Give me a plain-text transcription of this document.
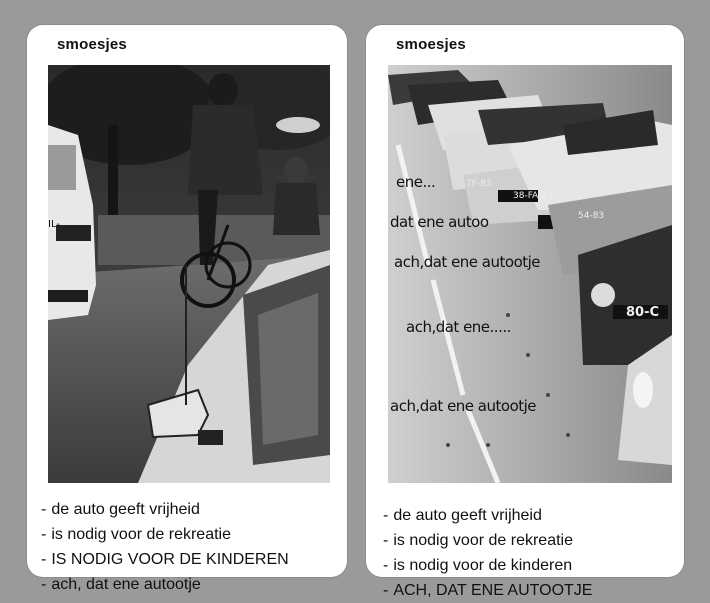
smoesjes
IL-
- de auto geeft vrijheid
- is nodig voor de rekreatie
- IS NODIG VOOR DE KINDEREN
- ach, dat ene autootje
smoesjes
7F-83
38-FA-23
54-83
80-C
ene...
dat ene autoo
ach,dat ene autootje
ach,dat ene.....
ach,dat ene autootje
- de auto geeft vrijheid
- is nodig voor de rekreatie
- is nodig voor de kinderen
- ACH, DAT ENE AUTOOTJE
